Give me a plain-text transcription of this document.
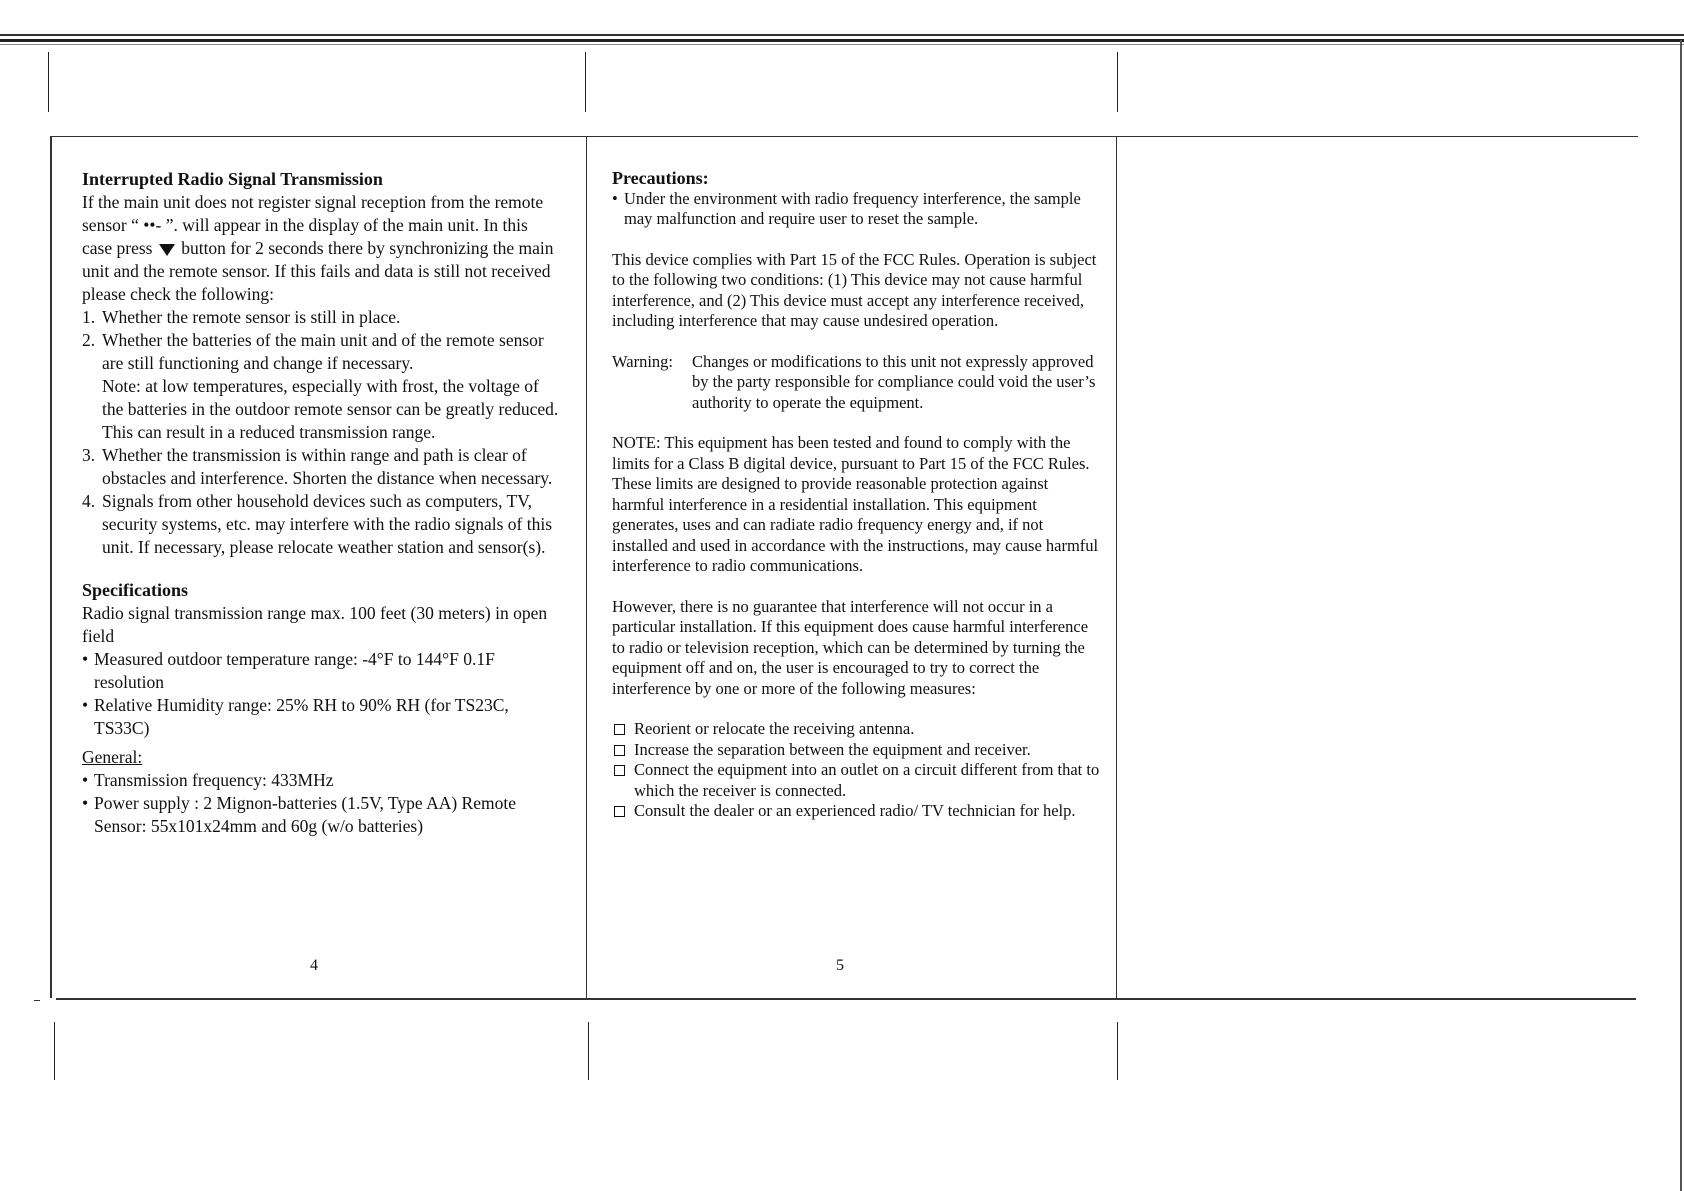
Interrupted Radio Signal Transmission

If the main unit does not register signal reception from the remote sensor “ ••- ”. will appear in the display of the main unit. In this case press button for 2 seconds there by synchronizing the main unit and the remote sensor. If this fails and data is still not received please check the following:

1. Whether the remote sensor is still in place.
2. Whether the batteries of the main unit and of the remote sensor are still functioning and change if necessary.
Note: at low temperatures, especially with frost, the voltage of the batteries in the outdoor remote sensor can be greatly reduced. This can result in a reduced transmission range.
3. Whether the transmission is within range and path is clear of obstacles and interference. Shorten the distance when necessary.
4. Signals from other household devices such as computers, TV, security systems, etc. may interfere with the radio signals of this unit. If necessary, please relocate weather station and sensor(s).

Specifications

Radio signal transmission range max. 100 feet (30 meters) in open field

• Measured outdoor temperature range: -4°F to 144°F 0.1F resolution
• Relative Humidity range: 25% RH to 90% RH (for TS23C, TS33C)

General:

• Transmission frequency: 433MHz
• Power supply : 2 Mignon-batteries (1.5V, Type AA) Remote Sensor: 55x101x24mm and 60g (w/o batteries)
4

Precautions:

• Under the environment with radio frequency interference, the sample may malfunction and require user to reset the sample.

This device complies with Part 15 of the FCC Rules. Operation is subject to the following two conditions: (1) This device may not cause harmful interference, and (2) This device must accept any interference received, including interference that may cause undesired operation.

Warning:	Changes or modifications to this unit not expressly approved by the party responsible for compliance could void the user’s authority to operate the equipment.

NOTE: This equipment has been tested and found to comply with the limits for a Class B digital device, pursuant to Part 15 of the FCC Rules. These limits are designed to provide reasonable protection against harmful interference in a residential installation. This equipment generates, uses and can radiate radio frequency energy and, if not installed and used in accordance with the instructions, may cause harmful interference to radio communications.

However, there is no guarantee that interference will not occur in a particular installation. If this equipment does cause harmful interference to radio or television reception, which can be determined by turning the equipment off and on, the user is encouraged to try to correct the interference by one or more of the following measures:

Reorient or relocate the receiving antenna.
Increase the separation between the equipment and receiver.
Connect the equipment into an outlet on a circuit different from that to which the receiver is connected.
Consult the dealer or an experienced radio/ TV technician for help.
5
